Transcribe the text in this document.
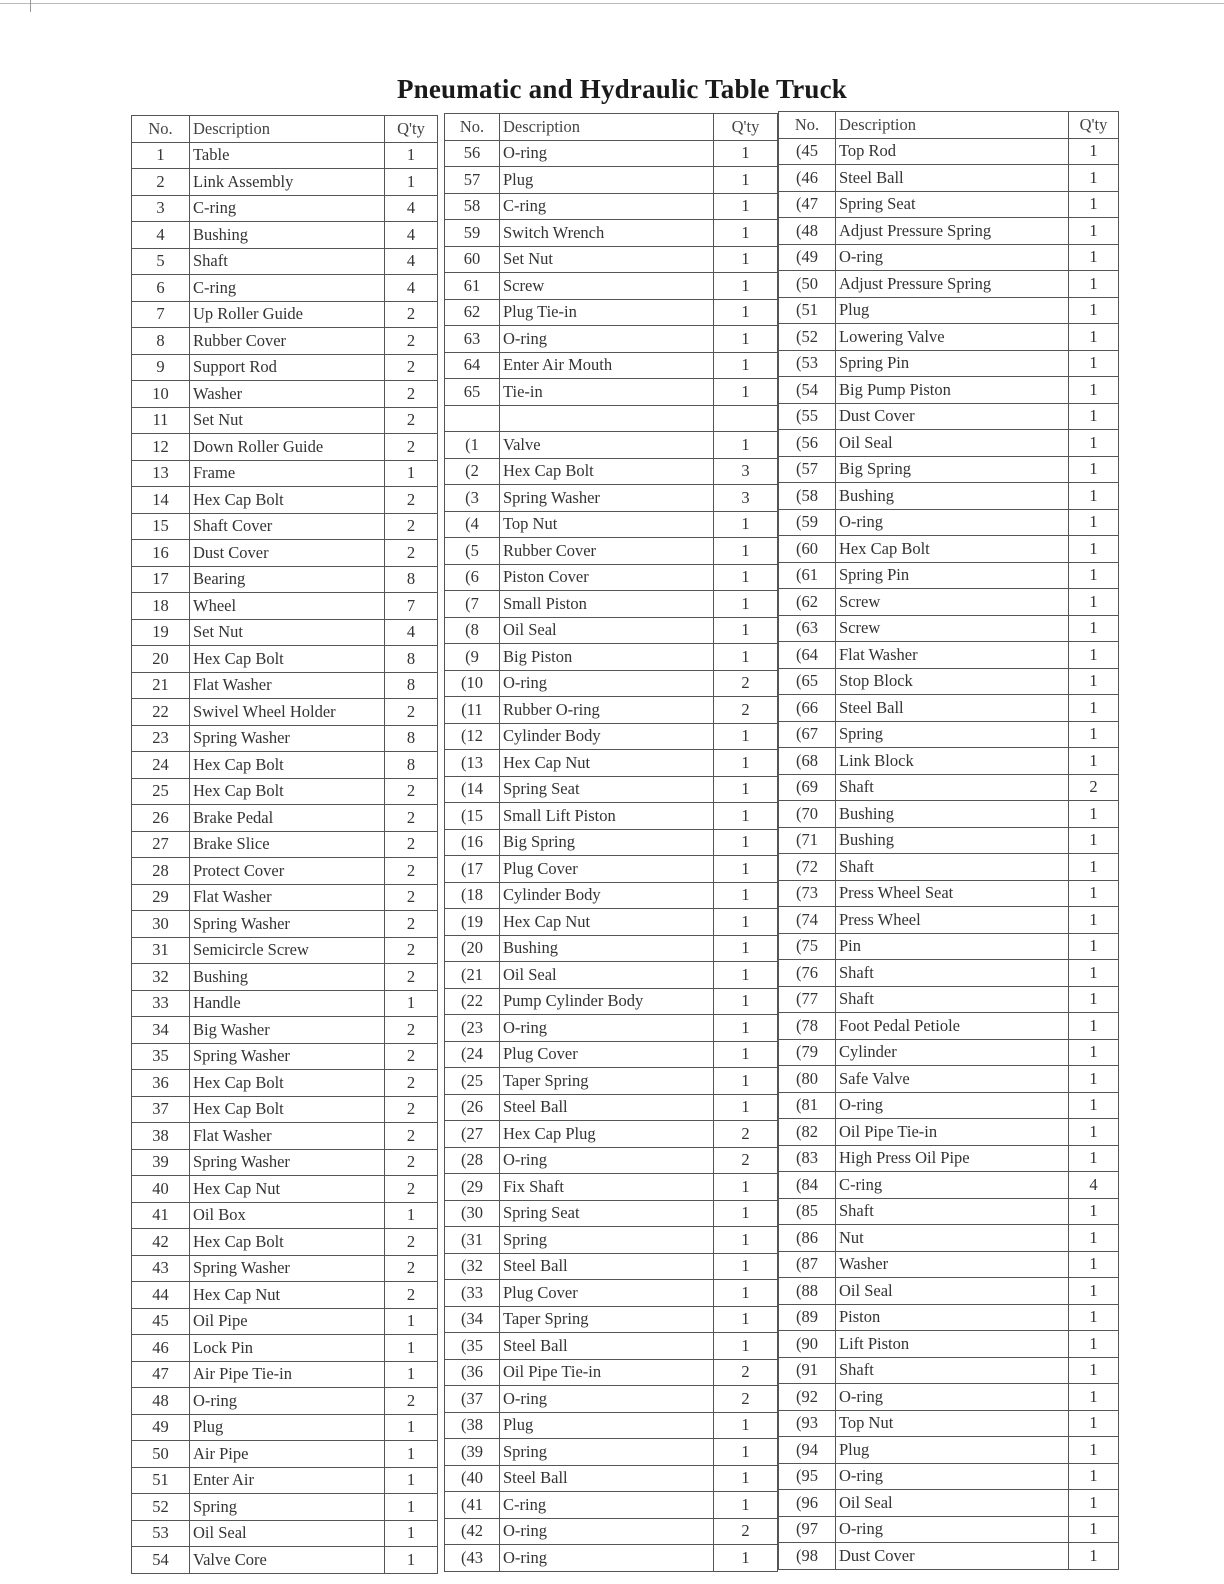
Pneumatic and Hydraulic Table Truck
No.	Description	Q'ty
1	Table	1
2	Link Assembly	1
3	C-ring	4
4	Bushing	4
5	Shaft	4
6	C-ring	4
7	Up Roller Guide	2
8	Rubber Cover	2
9	Support Rod	2
10	Washer	2
11	Set Nut	2
12	Down Roller Guide	2
13	Frame	1
14	Hex Cap Bolt	2
15	Shaft Cover	2
16	Dust Cover	2
17	Bearing	8
18	Wheel	7
19	Set Nut	4
20	Hex Cap Bolt	8
21	Flat Washer	8
22	Swivel Wheel Holder	2
23	Spring Washer	8
24	Hex Cap Bolt	8
25	Hex Cap Bolt	2
26	Brake Pedal	2
27	Brake Slice	2
28	Protect Cover	2
29	Flat Washer	2
30	Spring Washer	2
31	Semicircle Screw	2
32	Bushing	2
33	Handle	1
34	Big Washer	2
35	Spring Washer	2
36	Hex Cap Bolt	2
37	Hex Cap Bolt	2
38	Flat Washer	2
39	Spring Washer	2
40	Hex Cap Nut	2
41	Oil Box	1
42	Hex Cap Bolt	2
43	Spring Washer	2
44	Hex Cap Nut	2
45	Oil Pipe	1
46	Lock Pin	1
47	Air Pipe Tie-in	1
48	O-ring	2
49	Plug	1
50	Air Pipe	1
51	Enter Air	1
52	Spring	1
53	Oil Seal	1
54	Valve Core	1
No.	Description	Q'ty
56	O-ring	1
57	Plug	1
58	C-ring	1
59	Switch Wrench	1
60	Set Nut	1
61	Screw	1
62	Plug Tie-in	1
63	O-ring	1
64	Enter Air Mouth	1
65	Tie-in	1

(1	Valve	1
(2	Hex Cap Bolt	3
(3	Spring Washer	3
(4	Top Nut	1
(5	Rubber Cover	1
(6	Piston Cover	1
(7	Small Piston	1
(8	Oil Seal	1
(9	Big Piston	1
(10	O-ring	2
(11	Rubber O-ring	2
(12	Cylinder Body	1
(13	Hex Cap Nut	1
(14	Spring Seat	1
(15	Small Lift Piston	1
(16	Big Spring	1
(17	Plug Cover	1
(18	Cylinder Body	1
(19	Hex Cap Nut	1
(20	Bushing	1
(21	Oil Seal	1
(22	Pump Cylinder Body	1
(23	O-ring	1
(24	Plug Cover	1
(25	Taper Spring	1
(26	Steel Ball	1
(27	Hex Cap Plug	2
(28	O-ring	2
(29	Fix Shaft	1
(30	Spring Seat	1
(31	Spring	1
(32	Steel Ball	1
(33	Plug Cover	1
(34	Taper Spring	1
(35	Steel Ball	1
(36	Oil Pipe Tie-in	2
(37	O-ring	2
(38	Plug	1
(39	Spring	1
(40	Steel Ball	1
(41	C-ring	1
(42	O-ring	2
(43	O-ring	1
No.	Description	Q'ty
(45	Top Rod	1
(46	Steel Ball	1
(47	Spring Seat	1
(48	Adjust Pressure Spring	1
(49	O-ring	1
(50	Adjust Pressure Spring	1
(51	Plug	1
(52	Lowering Valve	1
(53	Spring Pin	1
(54	Big Pump Piston	1
(55	Dust Cover	1
(56	Oil Seal	1
(57	Big Spring	1
(58	Bushing	1
(59	O-ring	1
(60	Hex Cap Bolt	1
(61	Spring Pin	1
(62	Screw	1
(63	Screw	1
(64	Flat Washer	1
(65	Stop Block	1
(66	Steel Ball	1
(67	Spring	1
(68	Link Block	1
(69	Shaft	2
(70	Bushing	1
(71	Bushing	1
(72	Shaft	1
(73	Press Wheel Seat	1
(74	Press Wheel	1
(75	Pin	1
(76	Shaft	1
(77	Shaft	1
(78	Foot Pedal Petiole	1
(79	Cylinder	1
(80	Safe Valve	1
(81	O-ring	1
(82	Oil Pipe Tie-in	1
(83	High Press Oil Pipe	1
(84	C-ring	4
(85	Shaft	1
(86	Nut	1
(87	Washer	1
(88	Oil Seal	1
(89	Piston	1
(90	Lift Piston	1
(91	Shaft	1
(92	O-ring	1
(93	Top Nut	1
(94	Plug	1
(95	O-ring	1
(96	Oil Seal	1
(97	O-ring	1
(98	Dust Cover	1
